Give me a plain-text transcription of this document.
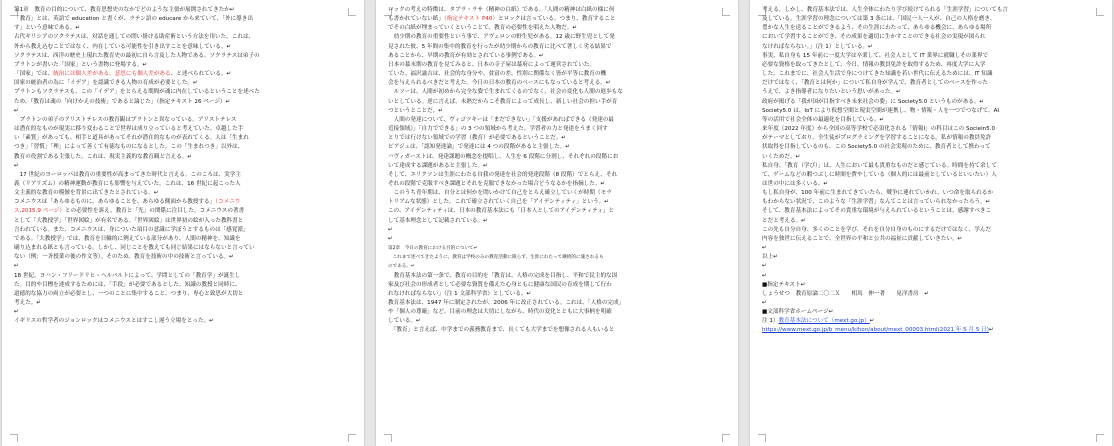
第1章　教育の目的について、教育思想史のなかでどのような主張が展開されてきたか↵

「教育」とは、英語で education と書くが、ラテン語の educare から来ていて、「外に導き出

す」という意味である。↵

古代ギリシアのソクラテスは、対話を通しての問い掛ける助産術という方法を用いた。これは、

外から教え込むことではなく、内在している可能性を引き出すことを意味している。↵

ソクラテスは、西洋の歴史上現れた教育史の最初に自ら言及した人物である。ソクラテスは弟子の

プラトンが書いた「国家」という書物に登場する。↵

「国家」では、統治には個人差がある、意思にも個人差がある、と述べられている。↵

国家の統治者の為に「イデア」を認識できる人物の育成が必要とした。↵

プラトンもソクラテスも、この「イデア」をとらえる期間が魂に内在しているということを述べた

ため、『教育は魂の「向けかえの技術」であると論じた」（指定テキスト 26 ページ）↵

↵

　プラトンの弟子のアリストテレスの教育観はプラトンと異なっている。アリストテレス

は潜在的なものが現実に移り変わることで世界は成り立っていると考えていた。卓越した手

い「素質」があっても、相手と道具があってそれが潜在的なものが表れてくる。人は「生まれ

つき」「習慣」「理」によって善くて有徳なものになるとした。この「生まれつき」以外は、

教育の役割である主張した。これは、現実主義的な教育観と言える。↵

↵

　17 世紀のヨーロッパは教育の重要性が高まってきた時代と言える。このころは、実学主

義（リアリズム）の精神運動が教育にも影響を与えていた。これは、16 世紀に起こった人

文主義的な教育の模倣を背景に出てきたとされている。↵

コメニウスは「あらゆるものに、あらゆることを、あらゆる側面から教授する」（コメニウ

ス,2015,9 ページ）との必要性を訴え、教育と「光」の関係に注目した。コメニウスの著書

として「大教授学」「世界図絵」が有名である。「世界図絵」は世界初の絵が入った教科書と

言われている。また、コメニウスは、身についた項目の意識に学ぼうとするものは「感覚派」

である。「大教授学」では、教育を日輪的に例えている部分があり、人間の精神を、知識を

刷り込まれる紙とも言っている。しかし、同じことを教えても同じ結果にはならないと言ってい

ない（例：一斉授業の後の作文等）。そのため、教育を技術の中の技術と言っている。↵

↵

18 世紀、ヨハン・フリードリヒ・ヘルバルトによって、学問としての「教育学」が誕生し

た。目的や目標を達成するためには、「手段」が必要であるとした。知識の教授と同時に、

道徳的な協力の両立が必要とし、一つのことに集中すること、つまり、専心と致思が大切と

考えた。↵

↵

イギリスの哲学者のジョンロックはコメニウスとはすこし違う立場をとった。↵

ロックの考えの特徴は、タブラ・ラサ（精神の白紙）である。「人間の精神は白紙の様に何

も書かれていない紙」（指定テキスト P40）とロックは言っている。つまり、教育すること

でその白紙が埋まっていくということで、教育の必要性を唱えた人物だ。↵

　幼少期の教育の重要性という事で、アヴェロンの野生児がある。12 歳に野生児として発

見された彼、5 年間の集中的教育を行ったが幼少期からの教育に比べて著しく劣る結果で

あることから、早期の教育が有効とされている事例である。↵

日本の幕末期の教育を見てみると、日本の寺子屋は幕府によって運営されていた。

ていた。福沢諭吉は、社会的な身分や、貧富の差、性別に関係なく皆が平等に教育の機

会を与えられるべきだと考えた。今日の日本の教育のベースにもなっていると考える。↵

　ルソーは、人間が初めから完全な姿で生まれてくるのでなく、社会の変化も人間の進歩もな

いとしている。逆に言えば、未熟だからこそ教育によって成長し、新しい社会の担い手が育

つというとことだ。↵

　人間の発達について、ヴィゴツキーは「まだできない」「支援があればできる（発達の最

近接領域）」「自力でできる」の 3 つの領域から考えた。学習者の力と発達をうまく回す

とりでは行けない領域での学習（教育）が必要であるということだ。↵

ピアジェは、「認知発達論」で発達には 4 つの段階があると主張した。↵

ハヴィガーストは、発達課題の概念を提唱し、人生を 6 段階に分割し、それぞれの段階にお

いて達成する課題があると主張した。↵

そして、エリクソンは生涯にわたる自我の発達を社会的発達段階（8 段階）でとらえ、それ

ぞれの段階で克服すべき課題とそれを克服できなかった場合どうなるかを指摘した。↵

　このうち青年期は、自分とは何かを問いかけて自己をとらえ確立していくが時期（モラ

トリアムな状態）とした。これで確立されていく自己を「アイデンティティ」という。↵

この、アイデンティティは、日本の教育基本法にも「日本人としてのアイデンティティ」と

して基本理念として記載されている。↵

↵

↵

第2章　今日の教育における目的について↵

　これまで述べてきたように、教育は学校のみの教育活動に限らず、生涯にわたって継続的に施されるも

のである。↵

　教育基本法の第一条で、教育の目的を「教育は、人格の完成を目指し、平和で民主的な国

家及び社会の形成者として必要な資質を備えた心身ともに健康な国民の育成を期して行わ

れなければならない」（注 1 文部科学省）としている。↵

教育基本法は、1947 年に制定されたが、2006 年に改正されている。これは、「人格の完成」

や「個人の尊厳」など、目前の理念は大切にしながら、時代の変化とともに大事柄を明確

している。↵

　「教育」と言えば、中学までの義務教育まで、長くても大学までを想像される人もいると

考える。しかし、教育基本法では、人生全体にわたり学び続けてられる「生涯学習」についても言

及している。生涯学習の理念については第 3 条には、「国民一人一人が、自己の人格を磨き、

豊かな人生を送ることができるよう、その生涯にわたって、あらゆる機会に、あらゆる場所

において学習することができ、その成果を適切に生かすことのできる社会の実現が図られ

なければならない。」（注 1）としている。↵

事実、私自身も 15 年前に一度大学は卒業して、社会人として IT 業界に就職しその業界で

必要な資格を取ってきたとして、今日、情報の教員免許を取得するため、再度大学に入学

した。これまでに、社会人生活で身につけてきた知識を若い世代に伝えるためには、IT 知識

だけではなく、「教育とは何か」について私自身が学んで、教育者としてのベースを作った

うえで、よき指導者になりたいという思いがあった。↵

政府が掲げる「我が国が目指すべき未来社会の姿」に Society5.0 というものがある。↵

Society5.0 は、IoT により仮想空間と現実空間が連携し、物・情報・人を一つでつなげて、AI

等の活用で社会全体の最適化を目指している。↵

来年度（2022 年度）から全国の高等学校で必須化される「情報Ⅰ」の科目はこの Sociein5.0

がテーマとしており、全生徒がプログラミングを学習することになる。私が情報の教員免許

状取得を目指しているのも、この Society5.0 の社会実現のために、教育者として携わって

いくためだ。↵

私自身、「教育（学び）」は、人生において最も貴重なものだと感じている。時間を持て余して

て、ゲームなどの暇つぶしに時間を費やしている（個人的には最前としているといいたい）人

は世の中には多くいる。↵

もし私自身が、100 年前に生まれてきていたら、戦争に連れていかれ、いつ命を取られるか

もわからない状況で、このような「生涯学習」なんてことは言っていられなかったろう。↵

そして、教育基本法によってその貴重な環境が与えられているということは、感謝すべきこ

とだと考える。↵

この先も自分自身、多くのことを学び、それを自分自身のものにするだけではなく、学んだ

内容を独世に伝えることで、全世界の平和と公共の福祉に貢献していきたい。↵

↵

以上↵

↵

↵

■指定テキスト↵

しょうせつ　教育原論二〇二Ｘ　　相馬　伸一著　　晃洋書房　↵

↵

■文部科学省ホームページ↵

注 1）教育基本法について（mext.go.jp）↵

https://www.mext.go.jp/b_menu/kihon/about/mext_00003.html(2021 年 5 月 5 日)↵
